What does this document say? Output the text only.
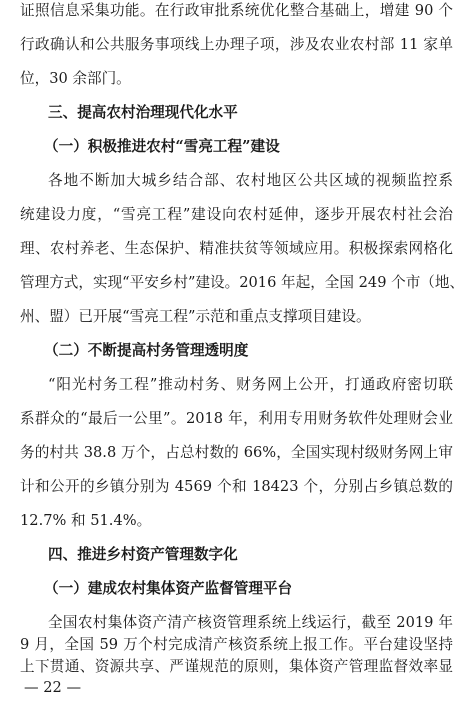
证照信息采集功能。在行政审批系统优化整合基础上，增建 90 个
行政确认和公共服务事项线上办理子项，涉及农业农村部 11 家单
位，30 余部门。
三、提高农村治理现代化水平
（一）积极推进农村“雪亮工程”建设
各地不断加大城乡结合部、农村地区公共区域的视频监控系
统建设力度，“雪亮工程”建设向农村延伸，逐步开展农村社会治
理、农村养老、生态保护、精准扶贫等领域应用。积极探索网格化
管理方式，实现“平安乡村”建设。2016 年起，全国 249 个市（地、
州、盟）已开展“雪亮工程”示范和重点支撑项目建设。
（二）不断提高村务管理透明度
“阳光村务工程”推动村务、财务网上公开，打通政府密切联
系群众的“最后一公里”。2018 年，利用专用财务软件处理财会业
务的村共 38.8 万个，占总村数的 66%，全国实现村级财务网上审
计和公开的乡镇分别为 4569 个和 18423 个，分别占乡镇总数的
12.7% 和 51.4%。
四、推进乡村资产管理数字化
（一）建成农村集体资产监督管理平台
全国农村集体资产清产核资管理系统上线运行，截至 2019 年
9 月，全国 59 万个村完成清产核资系统上报工作。平台建设坚持
上下贯通、资源共享、严谨规范的原则，集体资产管理监督效率显
— 22 —
